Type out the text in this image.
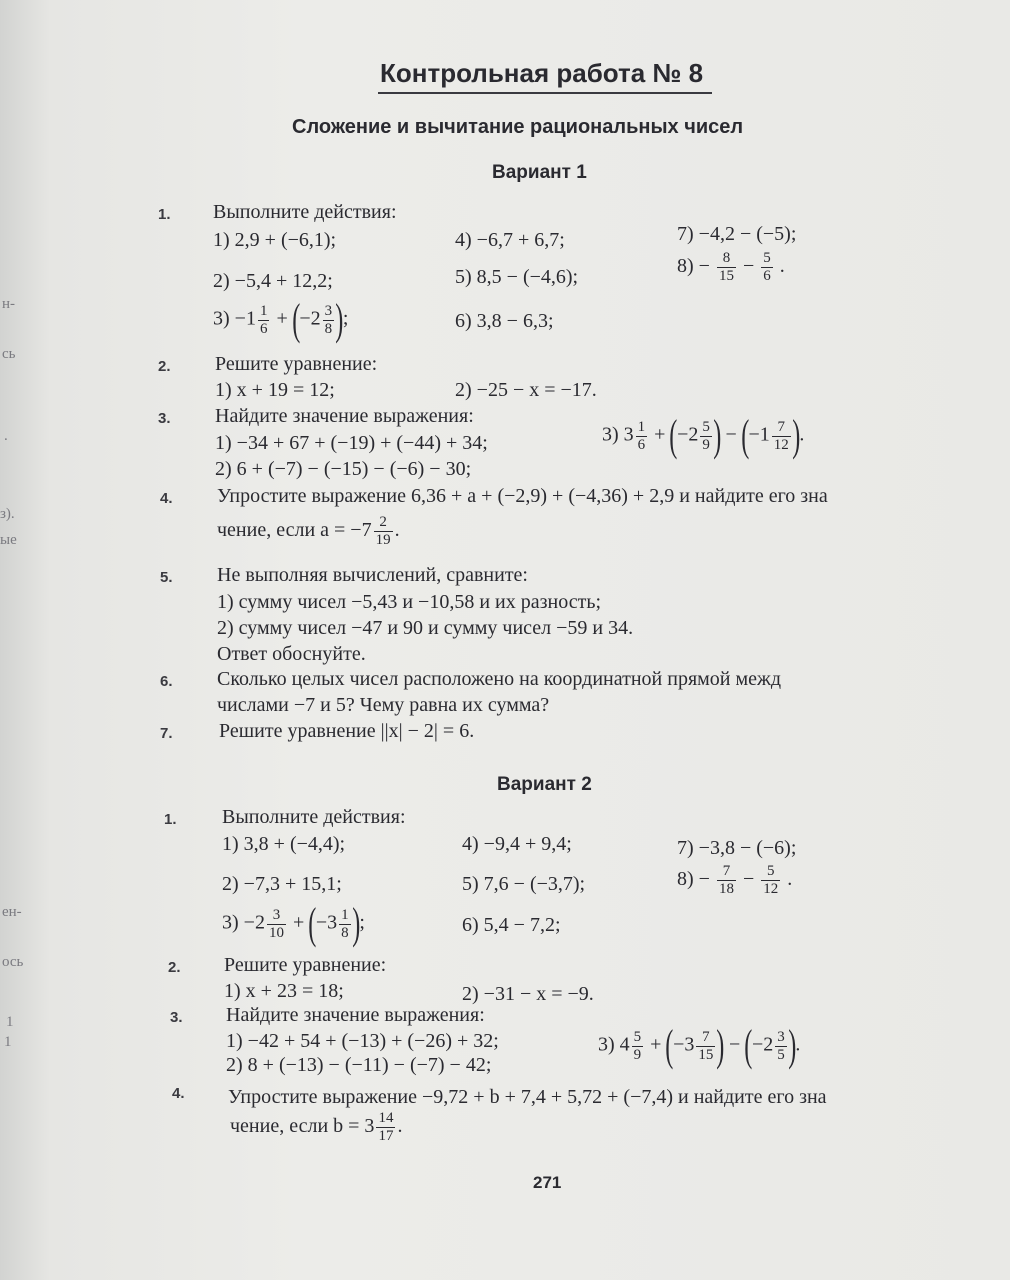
н-
сь
.
з).
ые
ен-
ось
1
1
Контрольная работа № 8
Сложение и вычитание рациональных чисел
Вариант 1
1. Выполните действия:
1) 2,9 + (−6,1);	4) −6,7 + 6,7;	7) −4,2 − (−5);
2) −5,4 + 12,2;	5) 8,5 − (−4,6);	$8) - \frac{8}{15} - \frac{5}{6}$ .
$3) -1 \frac{1}{6} + (-2 \frac{3}{8}$ );	6) 3,8 − 6,3;
2. Решите уравнение:
1) x + 19 = 12;	2) −25 − x = −17.
3. Найдите значение выражения:
1) −34 + 67 + (−19) + (−44) + 34;
2) 6 + (−7) − (−15) − (−6) − 30;
3) $3 \frac{1}{6} + (-2 \frac{5}{9}$ ) − ($-1 \frac{7}{12}$ ).
4. Упростите выражение 6,36 + a + (−2,9) + (−4,36) + 2,9 и найдите его зна
чение, если $a = -7 \frac{2}{19}$ .
5. Не выполняя вычислений, сравните:
1) сумму чисел −5,43 и −10,58 и их разность;
2) сумму чисел −47 и 90 и сумму чисел −59 и 34.
Ответ обоснуйте.
6. Сколько целых чисел расположено на координатной прямой межд
числами −7 и 5? Чему равна их сумма?
7. Решите уравнение ||x| − 2| = 6.
Вариант 2
1. Выполните действия:
1) 3,8 + (−4,4);	4) −9,4 + 9,4;	7) −3,8 − (−6);
2) −7,3 + 15,1;	5) 7,6 − (−3,7);	$8) - \frac{7}{18} - \frac{5}{12}$ .
$3) -2 \frac{3}{10} + (-3 \frac{1}{8}$ );	6) 5,4 − 7,2;
2. Решите уравнение:
1) x + 23 = 18;	2) −31 − x = −9.
3. Найдите значение выражения:
1) −42 + 54 + (−13) + (−26) + 32;
2) 8 + (−13) − (−11) − (−7) − 42;
3) $4 \frac{5}{9} + (-3 \frac{7}{15}$ ) − ($-2 \frac{3}{5}$ ).
4. Упростите выражение −9,72 + b + 7,4 + 5,72 + (−7,4) и найдите его зна
чение, если $b = 3 \frac{14}{17}$ .
271
